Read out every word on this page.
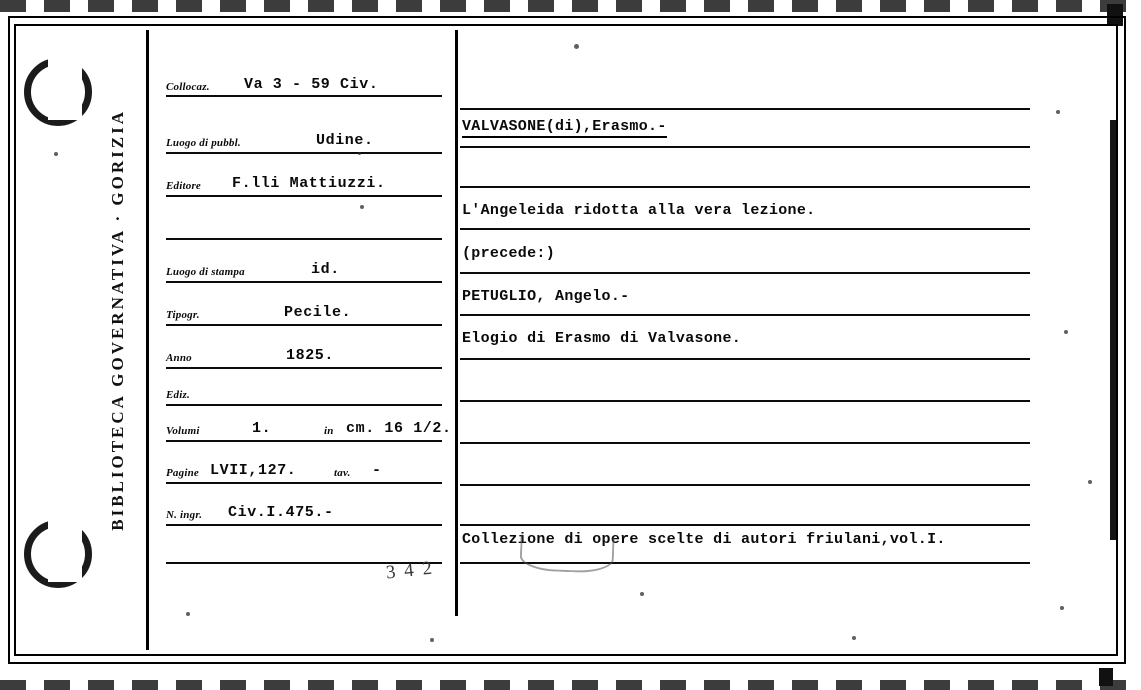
BIBLIOTECA GOVERNATIVA · GORIZIA
Collocaz. Va 3 - 59 Civ.
Luogo di pubbl.	Udine.
Editore F.lli Mattiuzzi.
Luogo di stampa	id.
Tipogr.	Pecile.
Anno	1825.
Ediz.
Volumi	1.	in cm. 16 1/2.
Pagine LVII,127.	tav. -
N. ingr. Civ.I.475.-
VALVASONE(di),Erasmo.-
L'Angeleida ridotta alla vera lezione.
(precede:)
PETUGLIO, Angelo.-
Elogio di Erasmo di Valvasone.
Collezione di opere scelte di autori friulani,vol.I.
3 4 2
